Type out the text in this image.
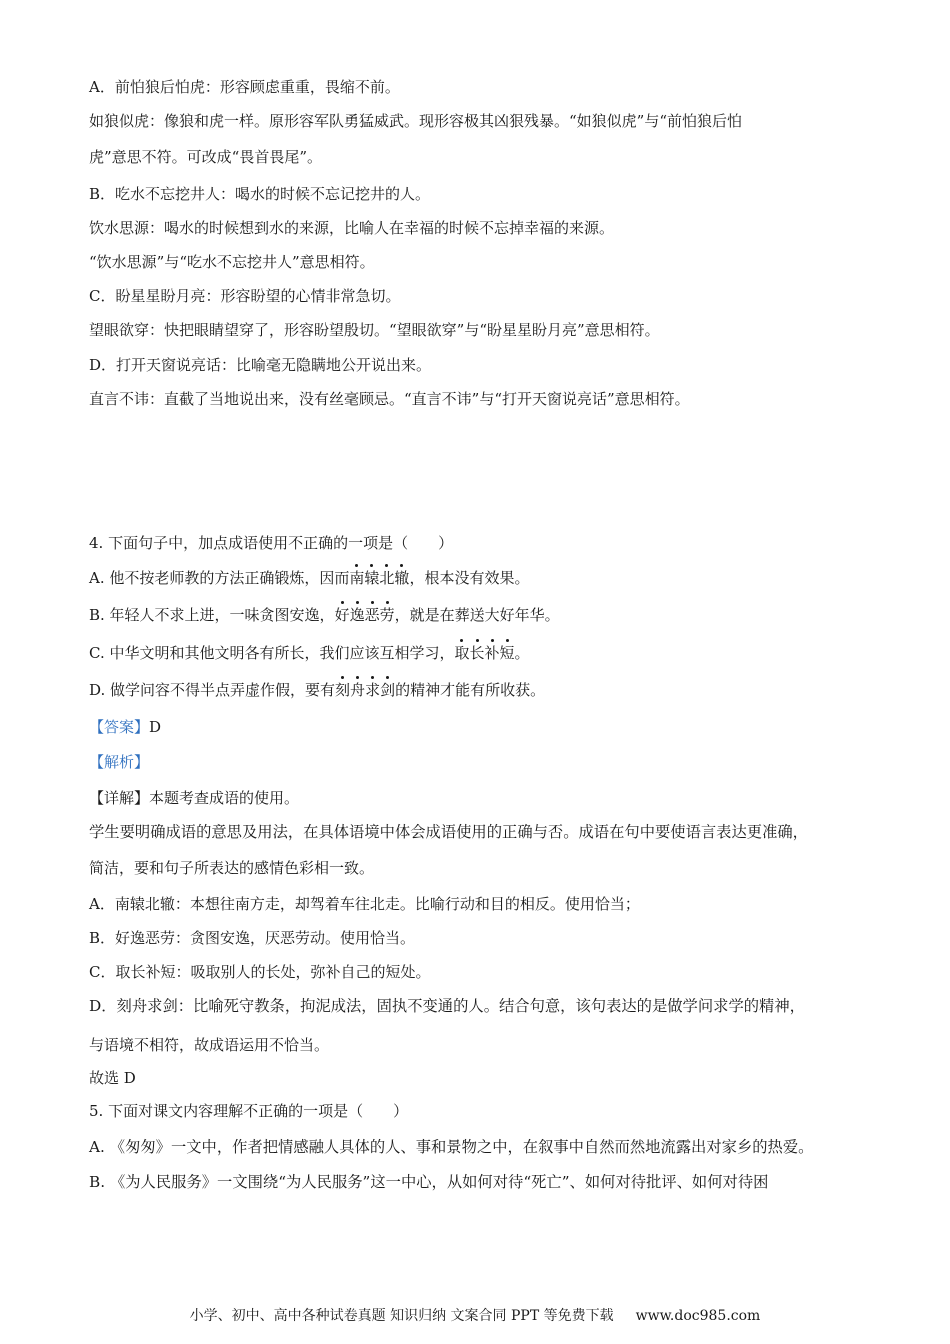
A．前怕狼后怕虎：形容顾虑重重，畏缩不前。

如狼似虎：像狼和虎一样。原形容军队勇猛威武。现形容极其凶狠残暴。“如狼似虎”与“前怕狼后怕

虎”意思不符。可改成“畏首畏尾”。

B．吃水不忘挖井人：喝水的时候不忘记挖井的人。

饮水思源：喝水的时候想到水的来源，比喻人在幸福的时候不忘掉幸福的来源。

“饮水思源”与“吃水不忘挖井人”意思相符。

C．盼星星盼月亮：形容盼望的心情非常急切。

望眼欲穿：快把眼睛望穿了，形容盼望殷切。“望眼欲穿”与“盼星星盼月亮”意思相符。

D．打开天窗说亮话：比喻毫无隐瞒地公开说出来。

直言不讳：直截了当地说出来，没有丝毫顾忌。“直言不讳”与“打开天窗说亮话”意思相符。

4. 下面句子中，加点成语使用不正确的一项是（　　）

A. 他不按老师教的方法正确锻炼，因而南辕北辙，根本没有效果。

B. 年轻人不求上进，一味贪图安逸，好逸恶劳，就是在葬送大好年华。

C. 中华文明和其他文明各有所长，我们应该互相学习，取长补短。

D. 做学问容不得半点弄虚作假，要有刻舟求剑的精神才能有所收获。

【答案】D

【解析】

【详解】本题考查成语的使用。

学生要明确成语的意思及用法，在具体语境中体会成语使用的正确与否。成语在句中要使语言表达更准确，

简洁，要和句子所表达的感情色彩相一致。

A．南辕北辙：本想往南方走，却驾着车往北走。比喻行动和目的相反。使用恰当；

B．好逸恶劳：贪图安逸，厌恶劳动。使用恰当。

C．取长补短：吸取别人的长处，弥补自己的短处。

D．刻舟求剑：比喻死守教条，拘泥成法，固执不变通的人。结合句意，该句表达的是做学问求学的精神，

与语境不相符，故成语运用不恰当。

故选 D

5. 下面对课文内容理解不正确的一项是（　　）

A. 《匆匆》一文中，作者把情感融人具体的人、事和景物之中，在叙事中自然而然地流露出对家乡的热爱。

B. 《为人民服务》一文围绕“为人民服务”这一中心，从如何对待“死亡”、如何对待批评、如何对待困

小学、初中、高中各种试卷真题 知识归纳 文案合同 PPT 等免费下载 www.doc985.com
